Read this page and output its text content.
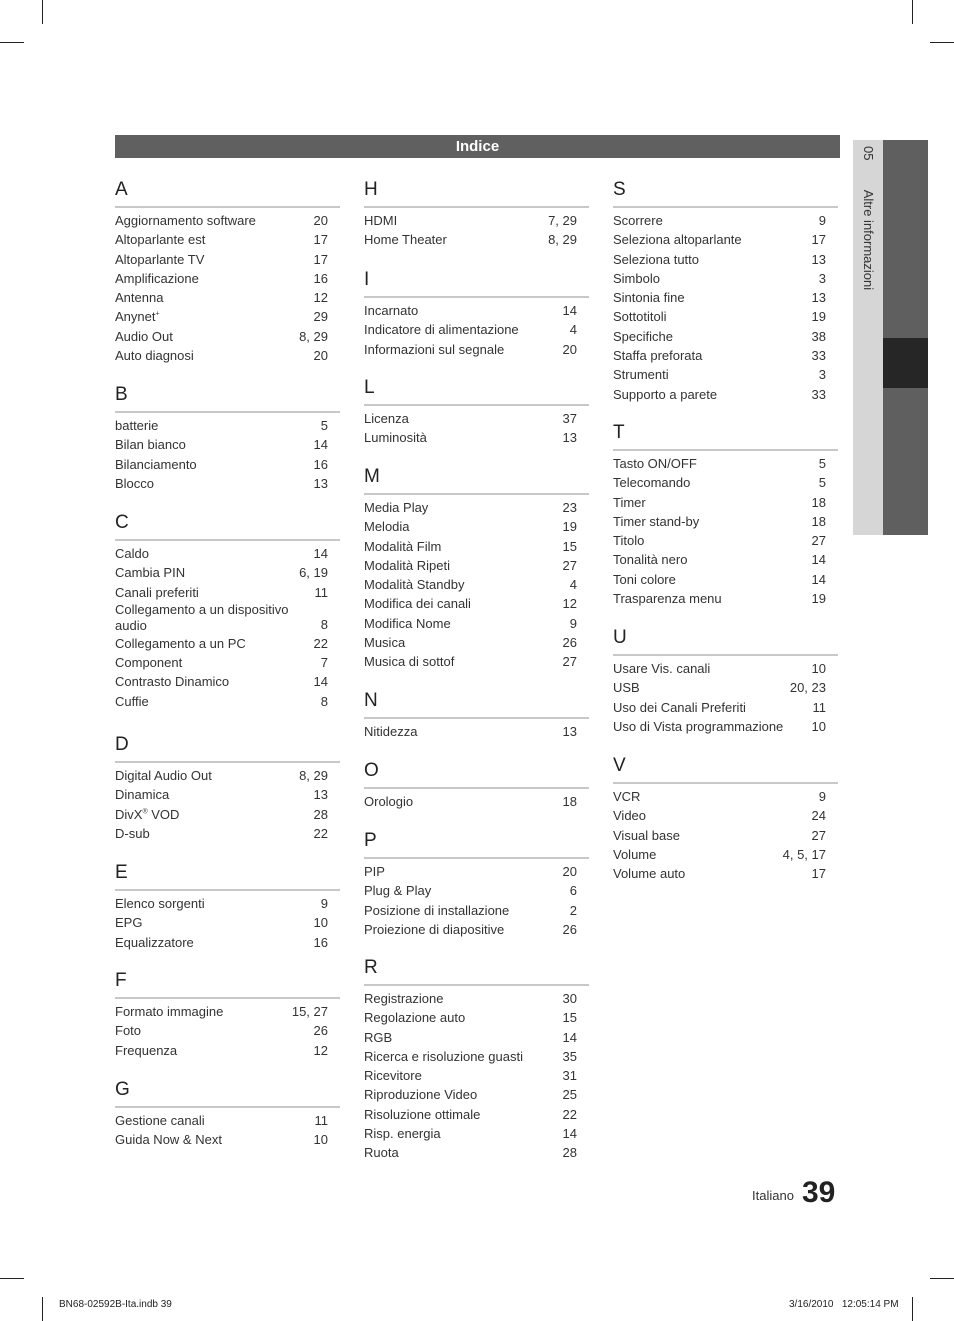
Indice	05  Altre informazioni
A
Aggiornamento software	20
Altoparlante est	17
Altoparlante TV	17
Amplificazione	16
Antenna	12
Anynet+	29
Audio Out	8, 29
Auto diagnosi	20
B
batterie	5
Bilan bianco	14
Bilanciamento	16
Blocco	13
C
Caldo	14
Cambia PIN	6, 19
Canali preferiti	11
Collegamento a un dispositivo audio	8
Collegamento a un PC	22
Component	7
Contrasto Dinamico	14
Cuffie	8
D
Digital Audio Out	8, 29
Dinamica	13
DivX® VOD	28
D-sub	22
E
Elenco sorgenti	9
EPG	10
Equalizzatore	16
F
Formato immagine	15, 27
Foto	26
Frequenza	12
G
Gestione canali	11
Guida Now & Next	10
H
HDMI	7, 29
Home Theater	8, 29
I
Incarnato	14
Indicatore di alimentazione	4
Informazioni sul segnale	20
L
Licenza	37
Luminosità	13
M
Media Play	23
Melodia	19
Modalità Film	15
Modalità Ripeti	27
Modalità Standby	4
Modifica dei canali	12
Modifica Nome	9
Musica	26
Musica di sottof	27
N
Nitidezza	13
O
Orologio	18
P
PIP	20
Plug & Play	6
Posizione di installazione	2
Proiezione di diapositive	26
R
Registrazione	30
Regolazione auto	15
RGB	14
Ricerca e risoluzione guasti	35
Ricevitore	31
Riproduzione Video	25
Risoluzione ottimale	22
Risp. energia	14
Ruota	28
S
Scorrere	9
Seleziona altoparlante	17
Seleziona tutto	13
Simbolo	3
Sintonia fine	13
Sottotitoli	19
Specifiche	38
Staffa preforata	33
Strumenti	3
Supporto a parete	33
T
Tasto ON/OFF	5
Telecomando	5
Timer	18
Timer stand-by	18
Titolo	27
Tonalità nero	14
Toni colore	14
Trasparenza menu	19
U
Usare Vis. canali	10
USB	20, 23
Uso dei Canali Preferiti	11
Uso di Vista programmazione	10
V
VCR	9
Video	24
Visual base	27
Volume	4, 5, 17
Volume auto	17
Italiano 39
BN68-02592B-Ita.indb 39	3/16/2010 12:05:14 PM
